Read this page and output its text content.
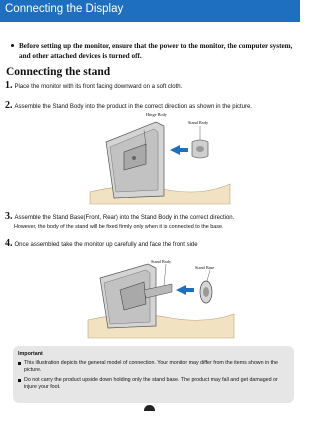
Connecting the Display
Before setting up the monitor, ensure that the power to the monitor, the computer system, and other attached devices is turned off.
Connecting the stand
1. Place the monitor with its front facing downward on a soft cloth.
2. Assemble the Stand Body into the product in the correct direction as shown in the picture.
Hinge Body
Stand Body
3. Assemble the Stand Base(Front, Rear) into the Stand Body in the correct direction.
However, the body of the stand will be fixed firmly only when it is connected to the base.
4. Once assembled take the monitor up carefully and face the front side
Stand Body
Stand Base
Important
This illustration depicts the general model of connection. Your monitor may differ from the items shown in the picture.
Do not carry the product upside down holding only the stand base. The product may fall and get damaged or injure your foot.
